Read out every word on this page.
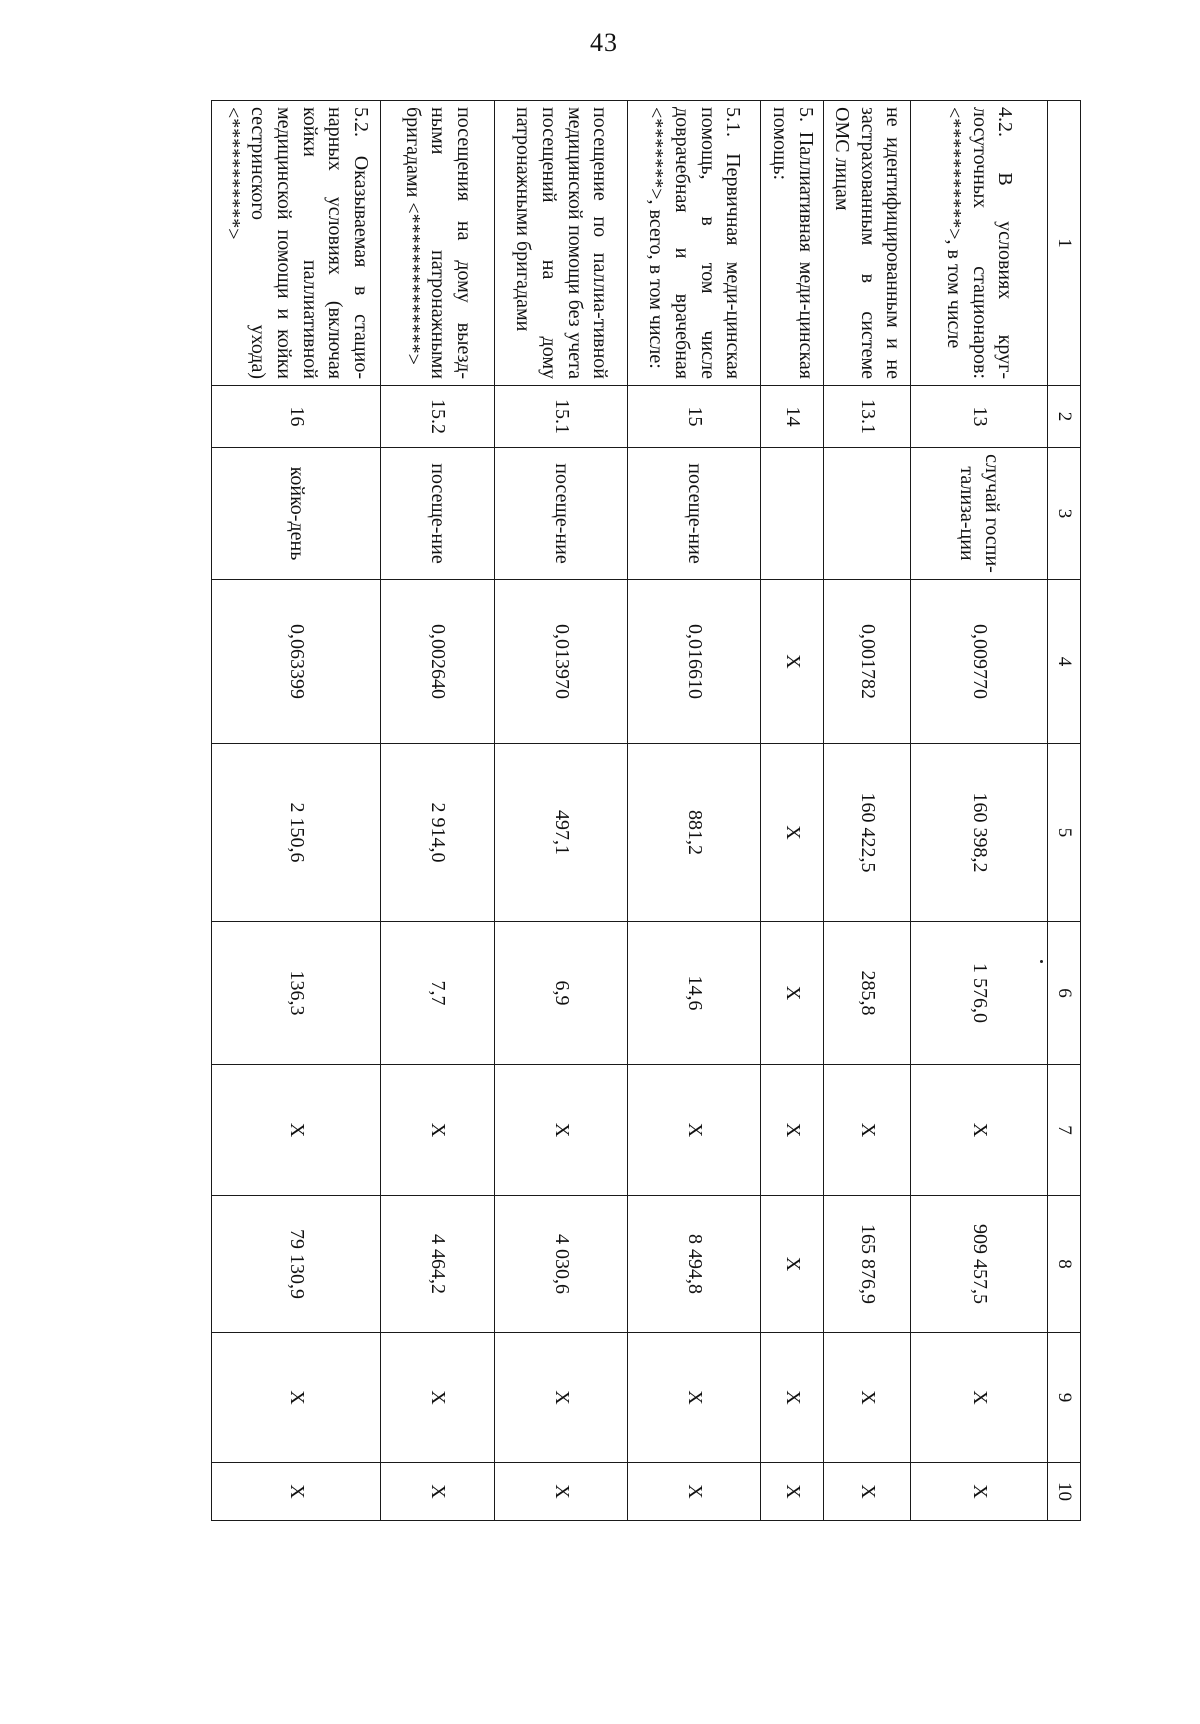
43
1	2	3	4	5	6	7	8	9	10
4.2. В условиях круг-лосуточных стационаров: <***********>, в том числе	13	случай госпи-тализа-ции	0,009770	160 398,2	1 576,0	X	909 457,5	X	X
не идентифицированным и не застрахованным в системе ОМС лицам	13.1		0,001782	160 422,5	285,8	X	165 876,9	X	X
5. Паллиативная меди-цинская помощь:	14		X	X	X	X	X	X	X
5.1. Первичная меди-цинская помощь, в том числе доврачебная и врачебная <*******>, всего, в том числе:	15	посеще-ние	0,016610	881,2	14,6	X	8 494,8	X	X
посещение по паллиа-тивной медицинской помощи без учета посещений на дому патронажными бригадами	15.1	посеще-ние	0,013970	497,1	6,9	X	4 030,6	X	X
посещения на дому выезд-ными патронажными бригадами <**************>	15.2	посеще-ние	0,002640	2 914,0	7,7	X	4 464,2	X	X
5.2. Оказываемая в стацио-нарных условиях (включая койки паллиативной медицинской помощи и койки сестринского ухода) <***********>	16	койко-день	0,063399	2 150,6	136,3	X	79 130,9	X	X
